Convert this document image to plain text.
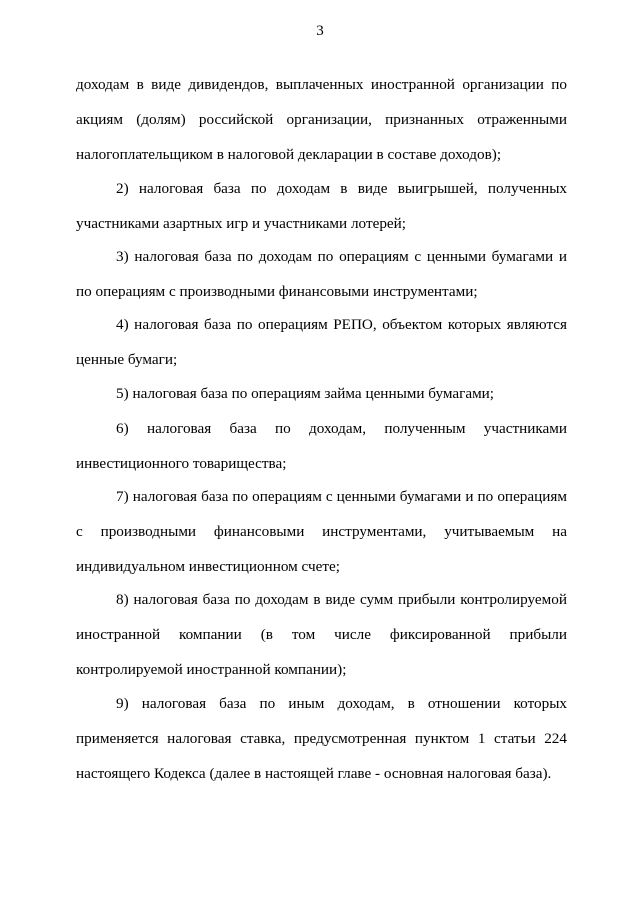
3

доходам в виде дивидендов, выплаченных иностранной организации по акциям (долям) российской организации, признанных отраженными налогоплательщиком в налоговой декларации в составе доходов);

2) налоговая база по доходам в виде выигрышей, полученных участниками азартных игр и участниками лотерей;

3) налоговая база по доходам по операциям с ценными бумагами и по операциям с производными финансовыми инструментами;

4) налоговая база по операциям РЕПО, объектом которых являются ценные бумаги;

5) налоговая база по операциям займа ценными бумагами;

6) налоговая база по доходам, полученным участниками инвестиционного товарищества;

7) налоговая база по операциям с ценными бумагами и по операциям с производными финансовыми инструментами, учитываемым на индивидуальном инвестиционном счете;

8) налоговая база по доходам в виде сумм прибыли контролируемой иностранной компании (в том числе фиксированной прибыли контролируемой иностранной компании);

9) налоговая база по иным доходам, в отношении которых применяется налоговая ставка, предусмотренная пунктом 1 статьи 224 настоящего Кодекса (далее в настоящей главе - основная налоговая база).
